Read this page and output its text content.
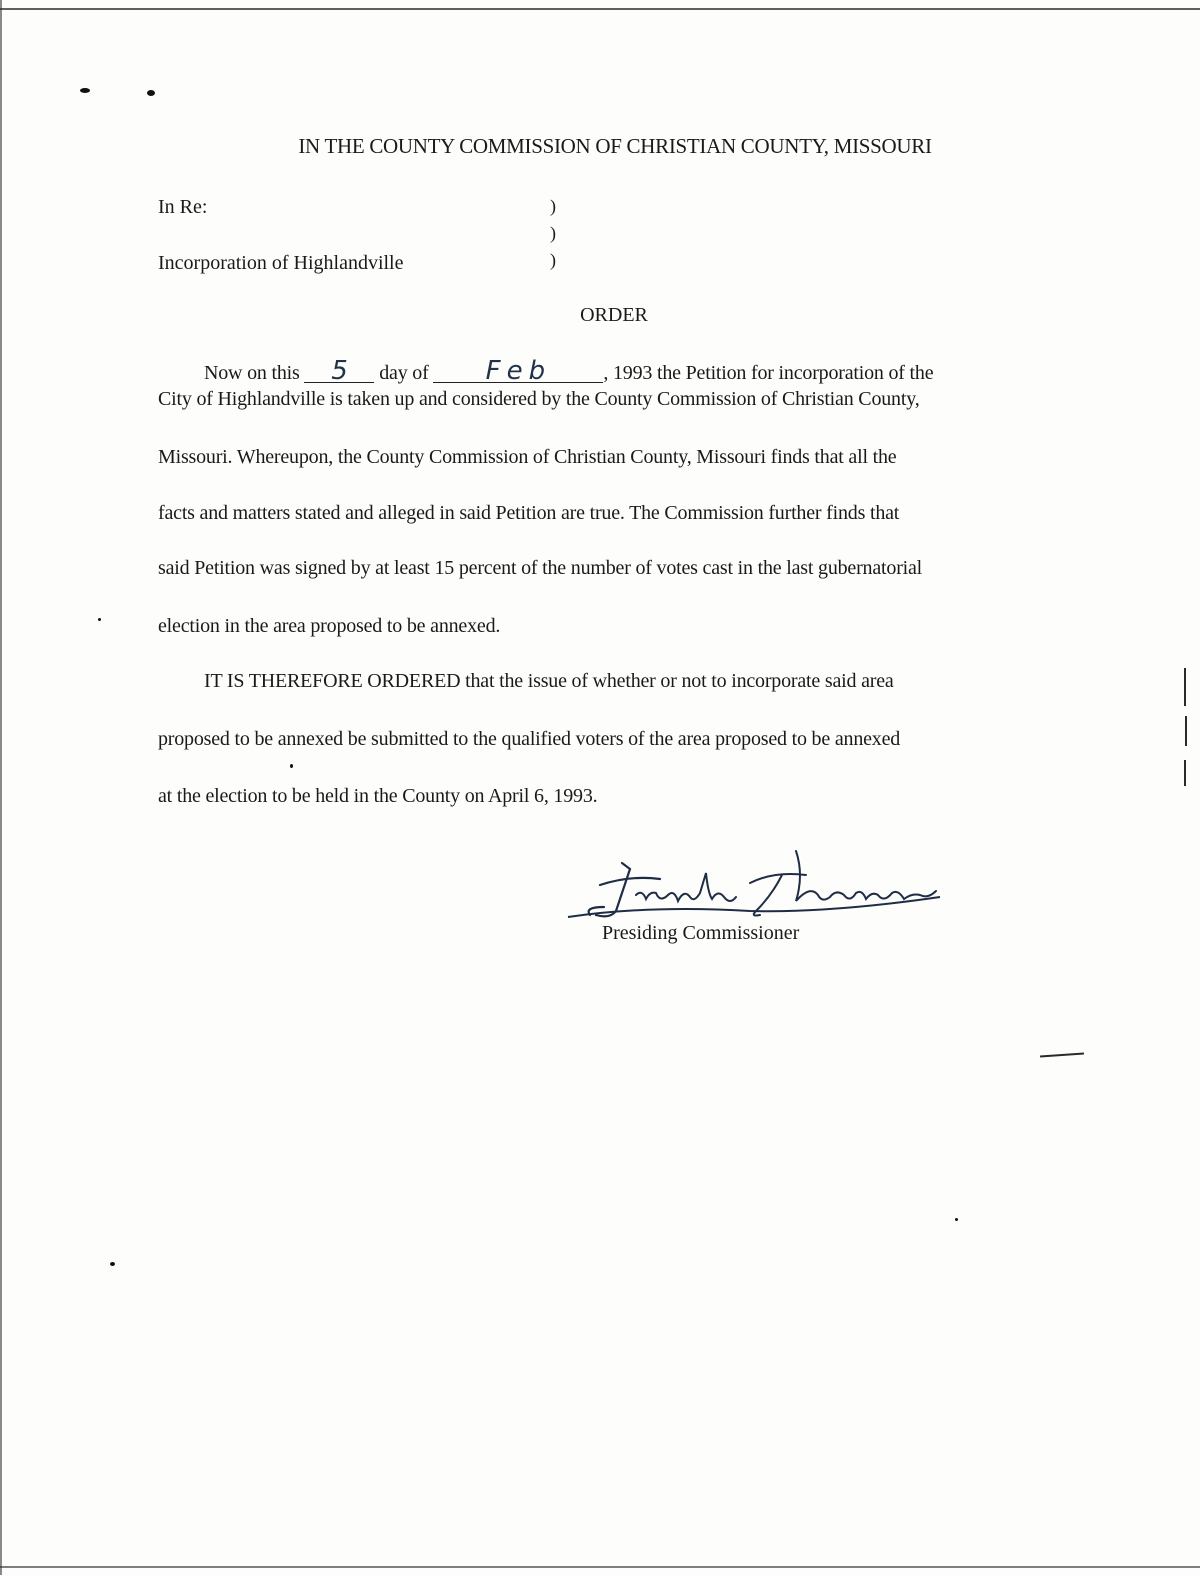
IN THE COUNTY COMMISSION OF CHRISTIAN COUNTY, MISSOURI
In Re:
Incorporation of Highlandville
)
)
)
ORDER
Now on this 5 day of Feb	, 1993 the Petition for incorporation of the
City of Highlandville is taken up and considered by the County Commission of Christian County,
Missouri. Whereupon, the County Commission of Christian County, Missouri finds that all the
facts and matters stated and alleged in said Petition are true. The Commission further finds that
said Petition was signed by at least 15 percent of the number of votes cast in the last gubernatorial
election in the area proposed to be annexed.
IT IS THEREFORE ORDERED that the issue of whether or not to incorporate said area
proposed to be annexed be submitted to the qualified voters of the area proposed to be annexed
at the election to be held in the County on April 6, 1993.
Presiding Commissioner
